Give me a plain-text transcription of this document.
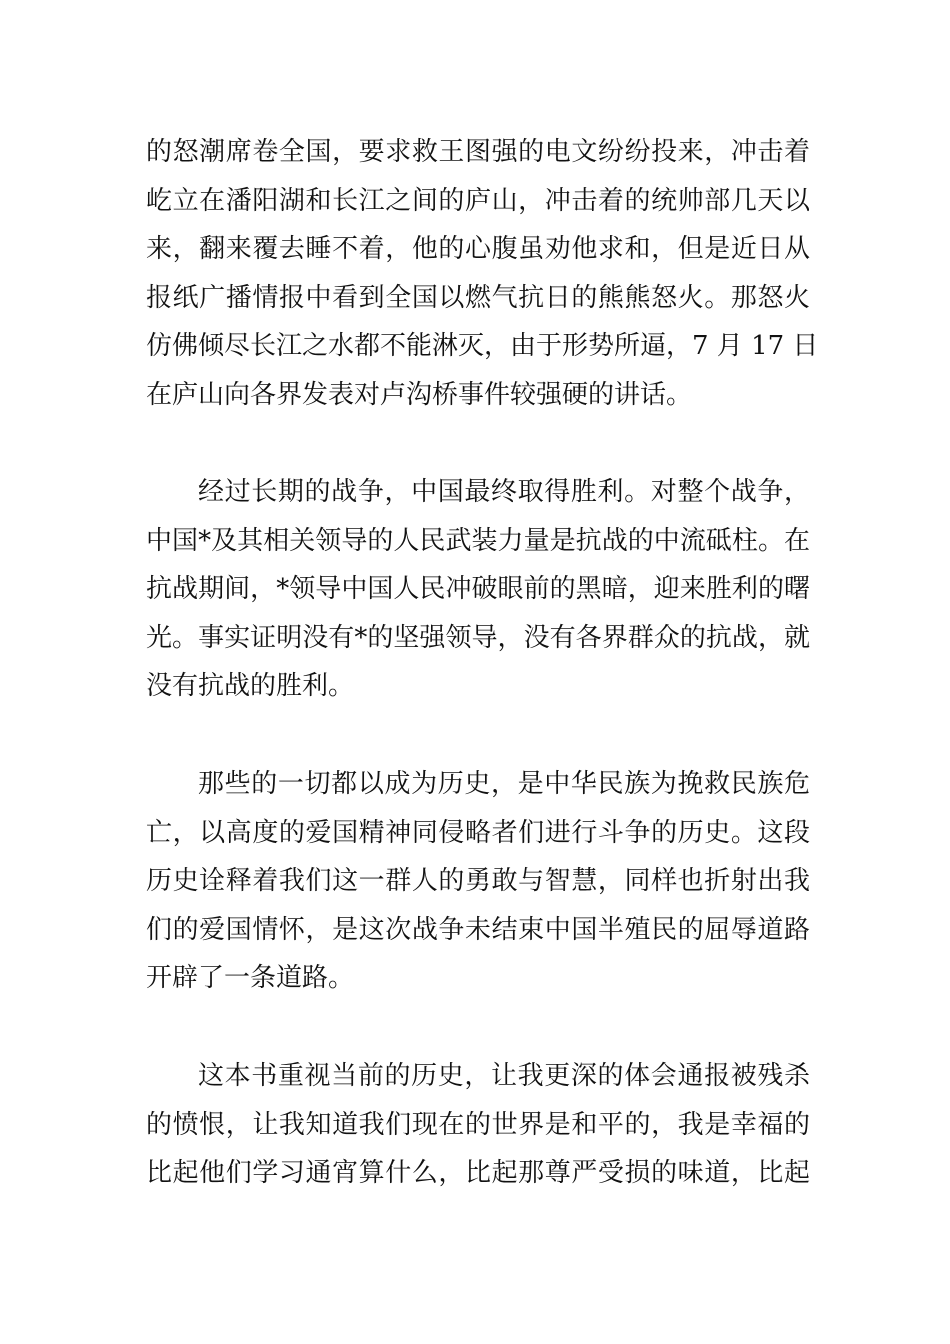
的怒潮席卷全国，要求救王图强的电文纷纷投来，冲击着
屹立在潘阳湖和长江之间的庐山，冲击着的统帅部几天以
来，翻来覆去睡不着，他的心腹虽劝他求和，但是近日从
报纸广播情报中看到全国以燃气抗日的熊熊怒火。那怒火
仿佛倾尽长江之水都不能淋灭，由于形势所逼，7 月 17 日
在庐山向各界发表对卢沟桥事件较强硬的讲话。
经过长期的战争，中国最终取得胜利。对整个战争，
中国*及其相关领导的人民武装力量是抗战的中流砥柱。在
抗战期间，*领导中国人民冲破眼前的黑暗，迎来胜利的曙
光。事实证明没有*的坚强领导，没有各界群众的抗战，就
没有抗战的胜利。
那些的一切都以成为历史，是中华民族为挽救民族危
亡，以高度的爱国精神同侵略者们进行斗争的历史。这段
历史诠释着我们这一群人的勇敢与智慧，同样也折射出我
们的爱国情怀，是这次战争未结束中国半殖民的屈辱道路
开辟了一条道路。
这本书重视当前的历史，让我更深的体会通报被残杀
的愤恨，让我知道我们现在的世界是和平的，我是幸福的
比起他们学习通宵算什么，比起那尊严受损的味道，比起
